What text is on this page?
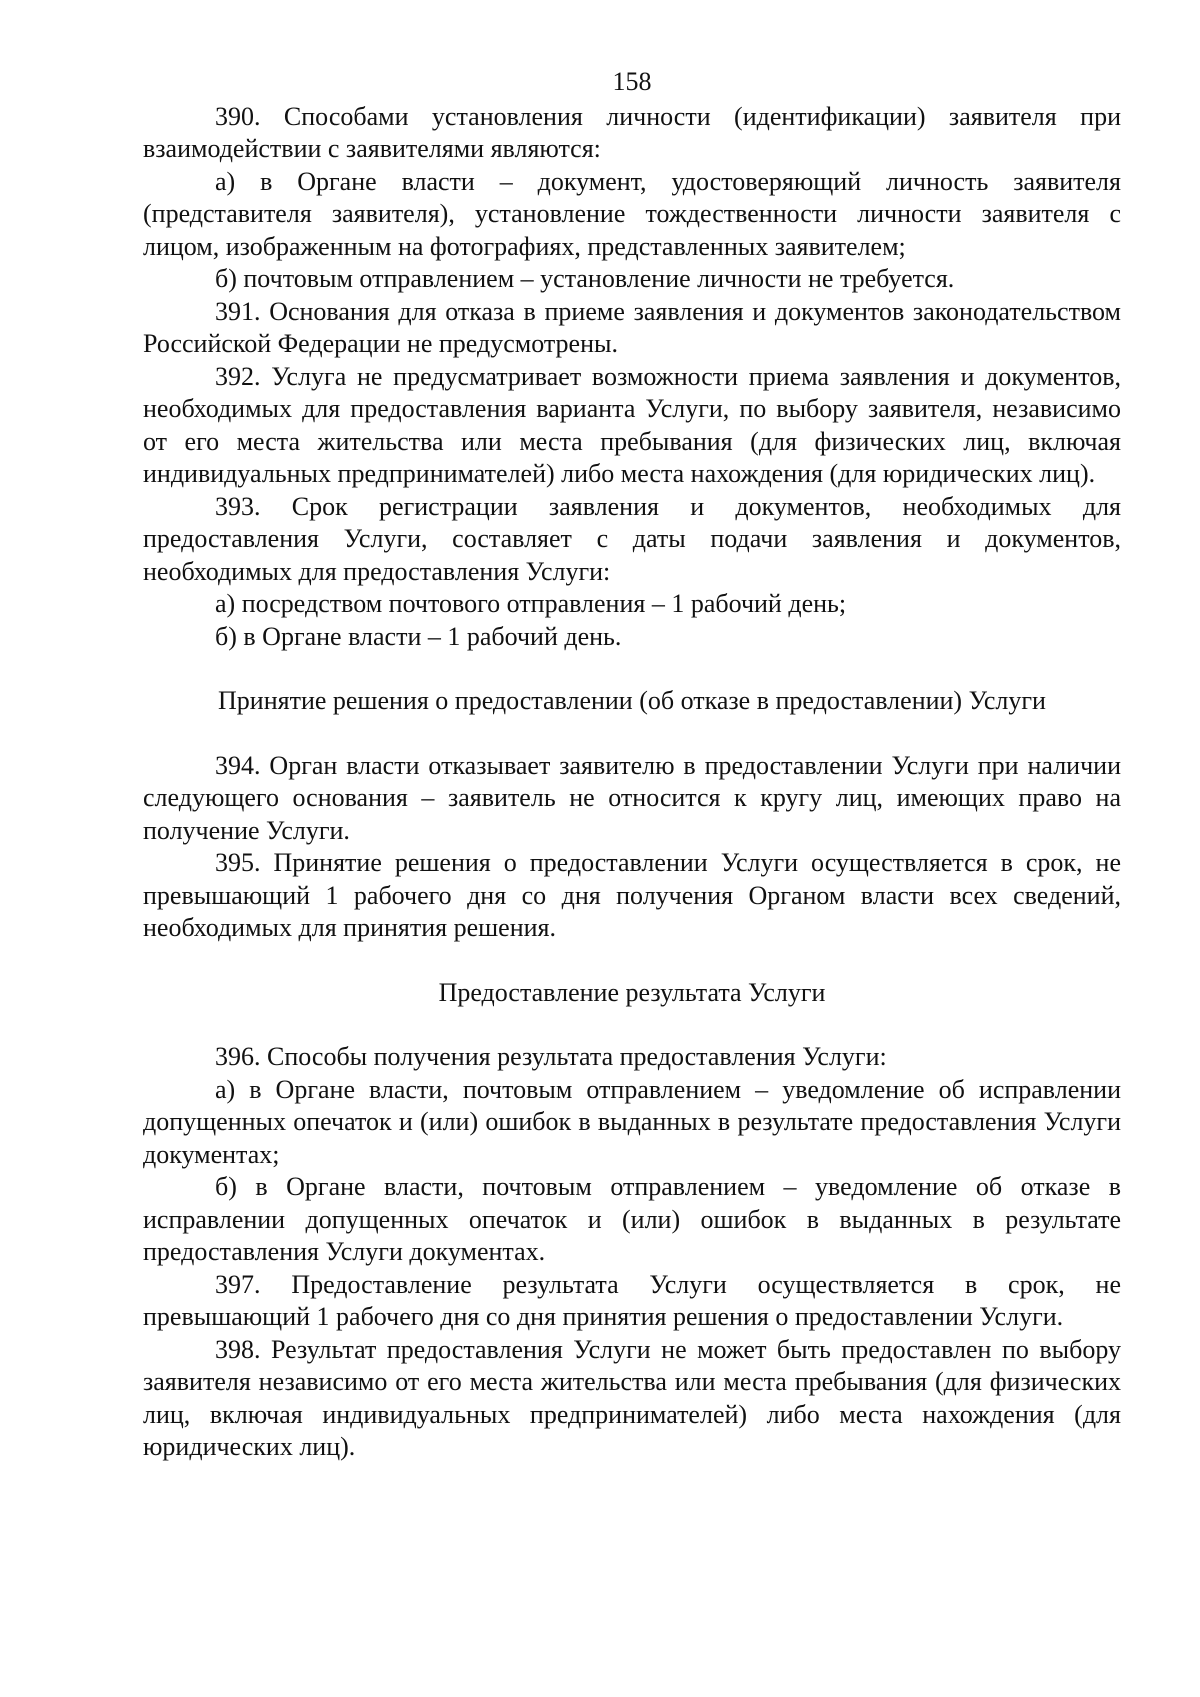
158

390. Способами установления личности (идентификации) заявителя при взаимодействии с заявителями являются:

а) в Органе власти – документ, удостоверяющий личность заявителя (представителя заявителя), установление тождественности личности заявителя с лицом, изображенным на фотографиях, представленных заявителем;

б) почтовым отправлением – установление личности не требуется.

391. Основания для отказа в приеме заявления и документов законодательством Российской Федерации не предусмотрены.

392. Услуга не предусматривает возможности приема заявления и документов, необходимых для предоставления варианта Услуги, по выбору заявителя, независимо от его места жительства или места пребывания (для физических лиц, включая индивидуальных предпринимателей) либо места нахождения (для юридических лиц).

393. Срок регистрации заявления и документов, необходимых для предоставления Услуги, составляет с даты подачи заявления и документов, необходимых для предоставления Услуги:

а) посредством почтового отправления – 1 рабочий день;

б) в Органе власти – 1 рабочий день.

Принятие решения о предоставлении (об отказе в предоставлении) Услуги

394. Орган власти отказывает заявителю в предоставлении Услуги при наличии следующего основания – заявитель не относится к кругу лиц, имеющих право на получение Услуги.

395. Принятие решения о предоставлении Услуги осуществляется в срок, не превышающий 1 рабочего дня со дня получения Органом власти всех сведений, необходимых для принятия решения.

Предоставление результата Услуги

396. Способы получения результата предоставления Услуги:

а) в Органе власти, почтовым отправлением – уведомление об исправлении допущенных опечаток и (или) ошибок в выданных в результате предоставления Услуги документах;

б) в Органе власти, почтовым отправлением – уведомление об отказе в исправлении допущенных опечаток и (или) ошибок в выданных в результате предоставления Услуги документах.

397. Предоставление результата Услуги осуществляется в срок, не превышающий 1 рабочего дня со дня принятия решения о предоставлении Услуги.

398. Результат предоставления Услуги не может быть предоставлен по выбору заявителя независимо от его места жительства или места пребывания (для физических лиц, включая индивидуальных предпринимателей) либо места нахождения (для юридических лиц).
